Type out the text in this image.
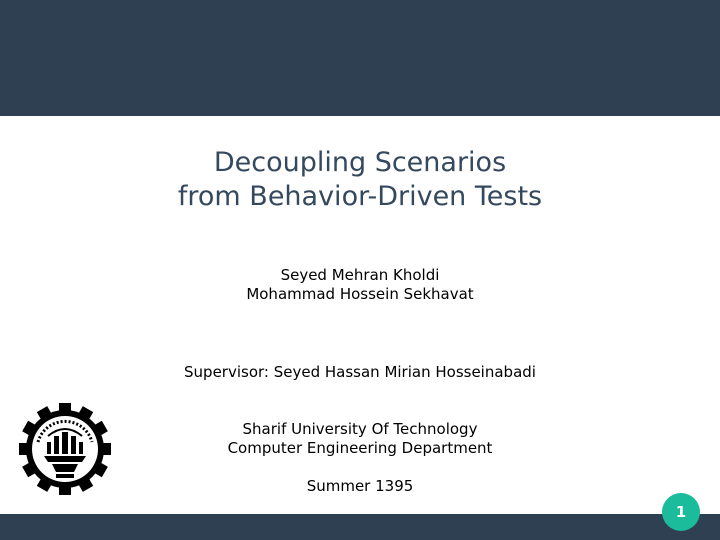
Decoupling Scenarios
from Behavior-Driven Tests
Seyed Mehran Kholdi
Mohammad Hossein Sekhavat
Supervisor: Seyed Hassan Mirian Hosseinabadi
Sharif University Of Technology
Computer Engineering Department
Summer 1395
1
